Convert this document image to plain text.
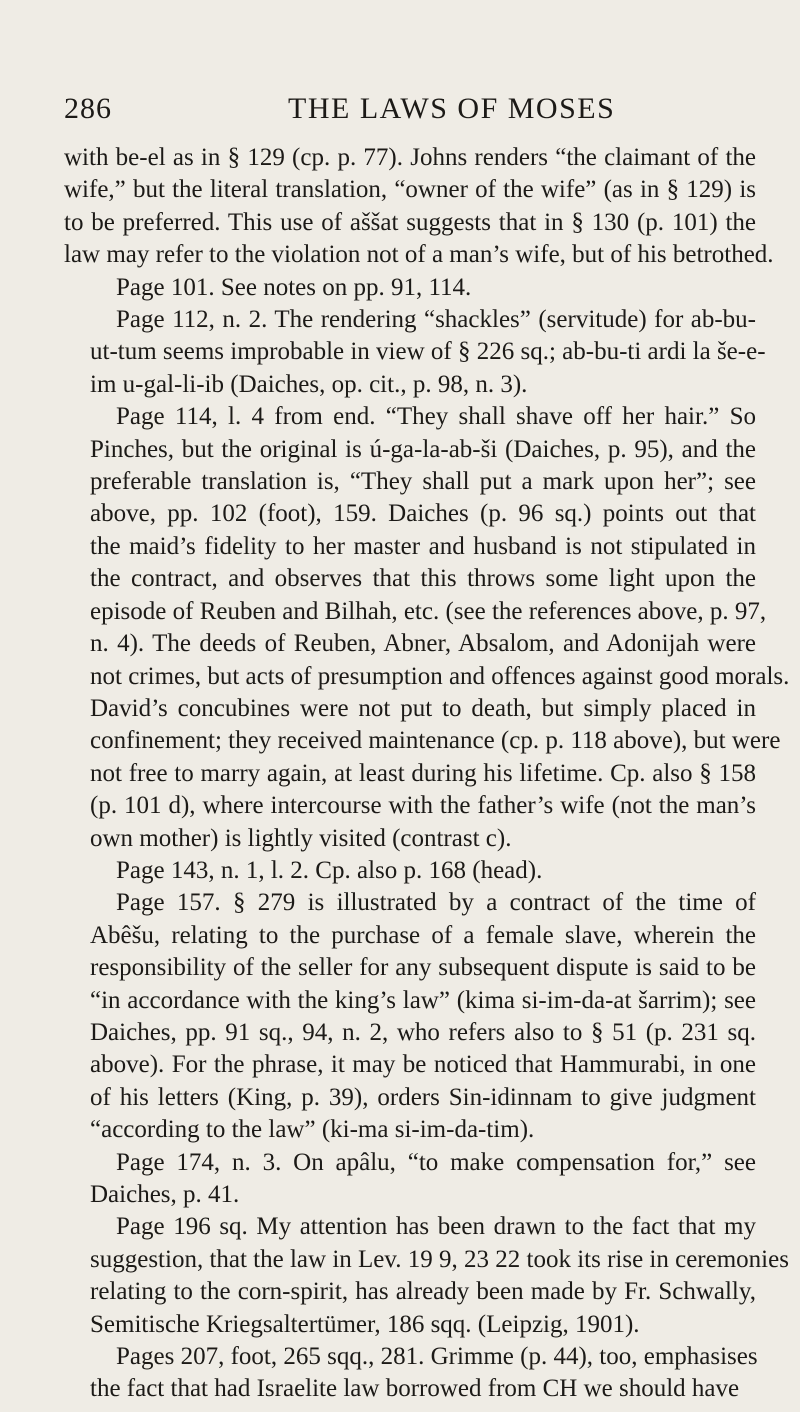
286	THE LAWS OF MOSES
with be-el as in § 129 (cp. p. 77). Johns renders “the claimant of the
wife,” but the literal translation, “owner of the wife” (as in § 129) is
to be preferred. This use of aššat suggests that in § 130 (p. 101) the
law may refer to the violation not of a man’s wife, but of his betrothed.
Page 101. See notes on pp. 91, 114.
Page 112, n. 2. The rendering “shackles” (servitude) for ab-bu-
ut-tum seems improbable in view of § 226 sq.; ab-bu-ti ardi la še-e-
im u-gal-li-ib (Daiches, op. cit., p. 98, n. 3).
Page 114, l. 4 from end. “They shall shave off her hair.” So
Pinches, but the original is ú-ga-la-ab-ši (Daiches, p. 95), and the
preferable translation is, “They shall put a mark upon her”; see
above, pp. 102 (foot), 159. Daiches (p. 96 sq.) points out that
the maid’s fidelity to her master and husband is not stipulated in
the contract, and observes that this throws some light upon the
episode of Reuben and Bilhah, etc. (see the references above, p. 97,
n. 4). The deeds of Reuben, Abner, Absalom, and Adonijah were
not crimes, but acts of presumption and offences against good morals.
David’s concubines were not put to death, but simply placed in
confinement; they received maintenance (cp. p. 118 above), but were
not free to marry again, at least during his lifetime. Cp. also § 158
(p. 101 d), where intercourse with the father’s wife (not the man’s
own mother) is lightly visited (contrast c).
Page 143, n. 1, l. 2. Cp. also p. 168 (head).
Page 157. § 279 is illustrated by a contract of the time of
Abêšu, relating to the purchase of a female slave, wherein the
responsibility of the seller for any subsequent dispute is said to be
“in accordance with the king’s law” (kima si-im-da-at šarrim); see
Daiches, pp. 91 sq., 94, n. 2, who refers also to § 51 (p. 231 sq.
above). For the phrase, it may be noticed that Hammurabi, in one
of his letters (King, p. 39), orders Sin-idinnam to give judgment
“according to the law” (ki-ma si-im-da-tim).
Page 174, n. 3. On apâlu, “to make compensation for,” see
Daiches, p. 41.
Page 196 sq. My attention has been drawn to the fact that my
suggestion, that the law in Lev. 19 9, 23 22 took its rise in ceremonies
relating to the corn-spirit, has already been made by Fr. Schwally,
Semitische Kriegsaltertümer, 186 sqq. (Leipzig, 1901).
Pages 207, foot, 265 sqq., 281. Grimme (p. 44), too, emphasises
the fact that had Israelite law borrowed from CH we should have
